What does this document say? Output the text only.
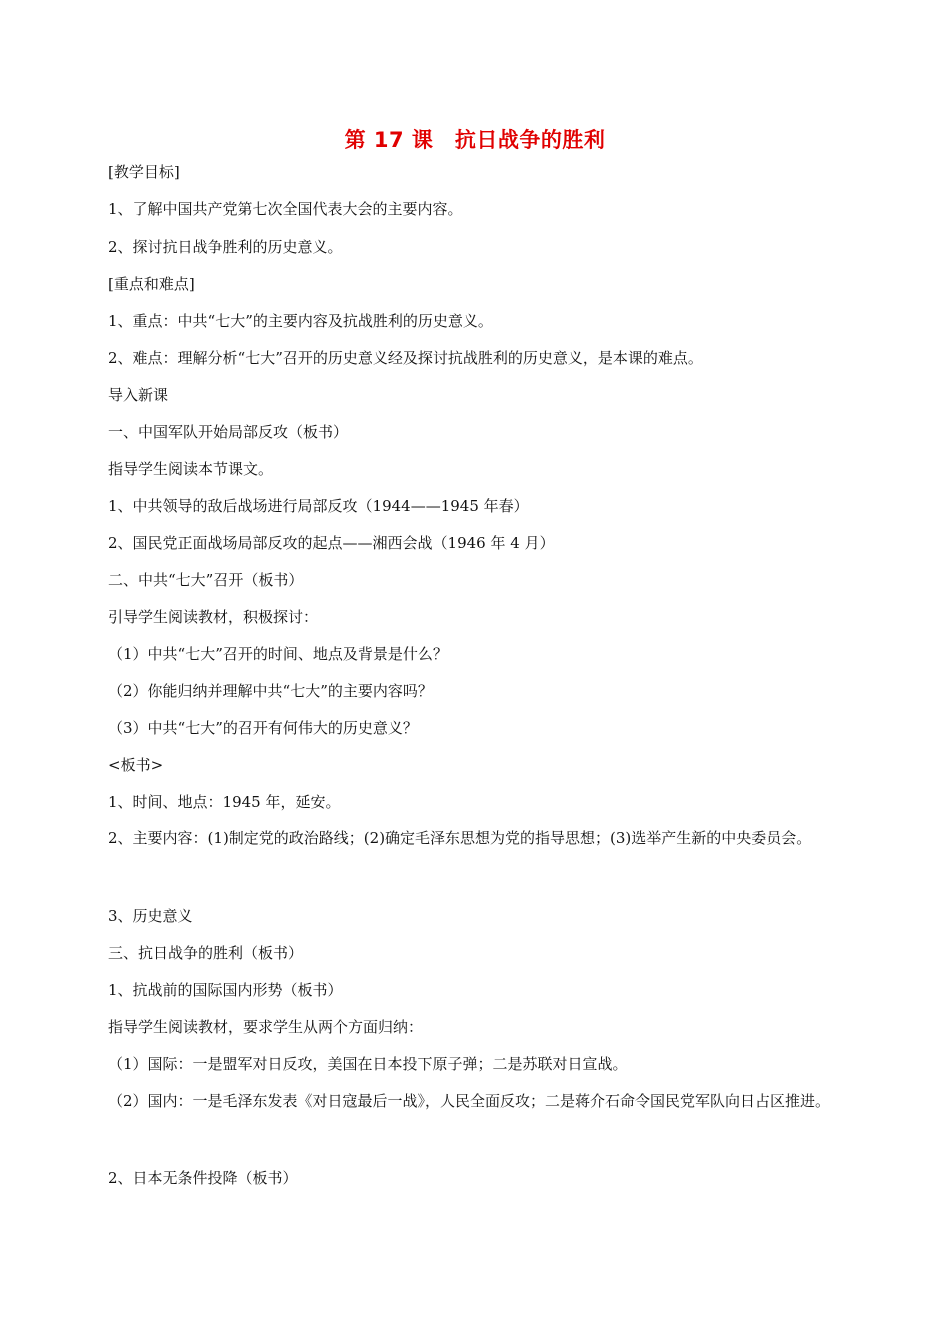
第 17 课　抗日战争的胜利
[教学目标]
1、了解中国共产党第七次全国代表大会的主要内容。
2、探讨抗日战争胜利的历史意义。
[重点和难点]
1、重点：中共“七大”的主要内容及抗战胜利的历史意义。
2、难点：理解分析“七大”召开的历史意义经及探讨抗战胜利的历史意义，是本课的难点。
导入新课
一、中国军队开始局部反攻（板书）
指导学生阅读本节课文。
1、中共领导的敌后战场进行局部反攻（1944——1945 年春）
2、国民党正面战场局部反攻的起点——湘西会战（1946 年 4 月）
二、中共“七大”召开（板书）
引导学生阅读教材，积极探讨：
（1）中共“七大”召开的时间、地点及背景是什么？
（2）你能归纳并理解中共“七大”的主要内容吗？
（3）中共“七大”的召开有何伟大的历史意义？
<板书>
1、时间、地点：1945 年，延安。
2、主要内容：(1)制定党的政治路线；(2)确定毛泽东思想为党的指导思想；(3)选举产生新的中央委员会。
3、历史意义
三、抗日战争的胜利（板书）
1、抗战前的国际国内形势（板书）
指导学生阅读教材，要求学生从两个方面归纳：
（1）国际：一是盟军对日反攻，美国在日本投下原子弹；二是苏联对日宣战。
（2）国内：一是毛泽东发表《对日寇最后一战》，人民全面反攻；二是蒋介石命令国民党军队向日占区推进。
2、日本无条件投降（板书）
